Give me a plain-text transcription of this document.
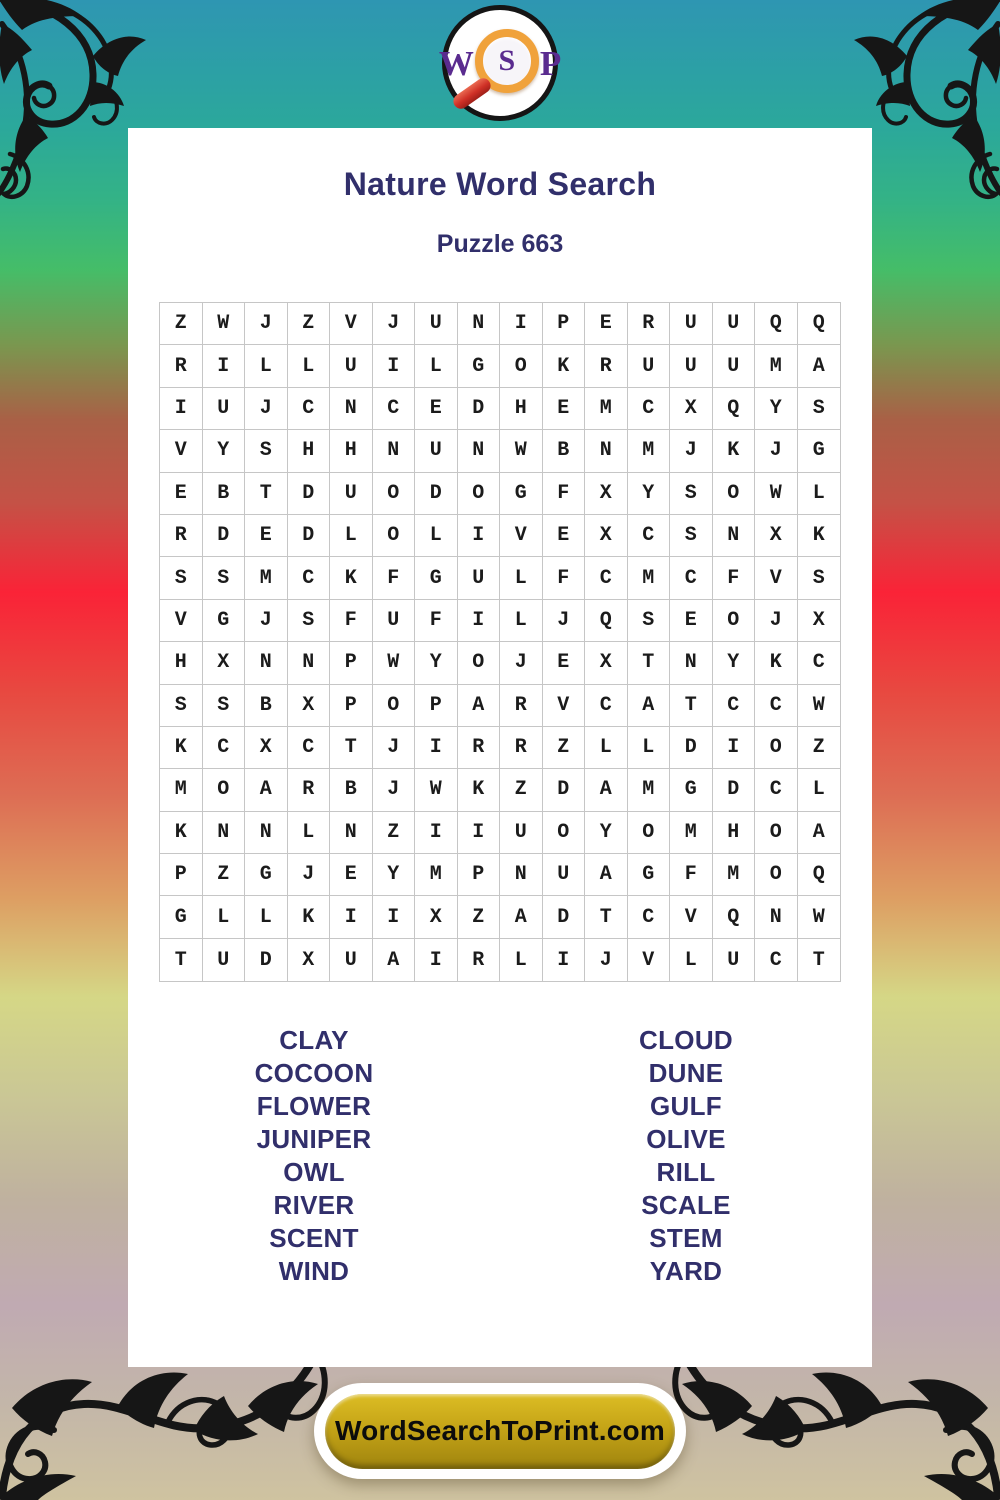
W S P
Nature Word Search
Puzzle 663
Z	W	J	Z	V	J	U	N	I	P	E	R	U	U	Q	Q
R	I	L	L	U	I	L	G	O	K	R	U	U	U	M	A
I	U	J	C	N	C	E	D	H	E	M	C	X	Q	Y	S
V	Y	S	H	H	N	U	N	W	B	N	M	J	K	J	G
E	B	T	D	U	O	D	O	G	F	X	Y	S	O	W	L
R	D	E	D	L	O	L	I	V	E	X	C	S	N	X	K
S	S	M	C	K	F	G	U	L	F	C	M	C	F	V	S
V	G	J	S	F	U	F	I	L	J	Q	S	E	O	J	X
H	X	N	N	P	W	Y	O	J	E	X	T	N	Y	K	C
S	S	B	X	P	O	P	A	R	V	C	A	T	C	C	W
K	C	X	C	T	J	I	R	R	Z	L	L	D	I	O	Z
M	O	A	R	B	J	W	K	Z	D	A	M	G	D	C	L
K	N	N	L	N	Z	I	I	U	O	Y	O	M	H	O	A
P	Z	G	J	E	Y	M	P	N	U	A	G	F	M	O	Q
G	L	L	K	I	I	X	Z	A	D	T	C	V	Q	N	W
T	U	D	X	U	A	I	R	L	I	J	V	L	U	C	T
CLAY
COCOON
FLOWER
JUNIPER
OWL
RIVER
SCENT
WIND
CLOUD
DUNE
GULF
OLIVE
RILL
SCALE
STEM
YARD
WordSearchToPrint.com
